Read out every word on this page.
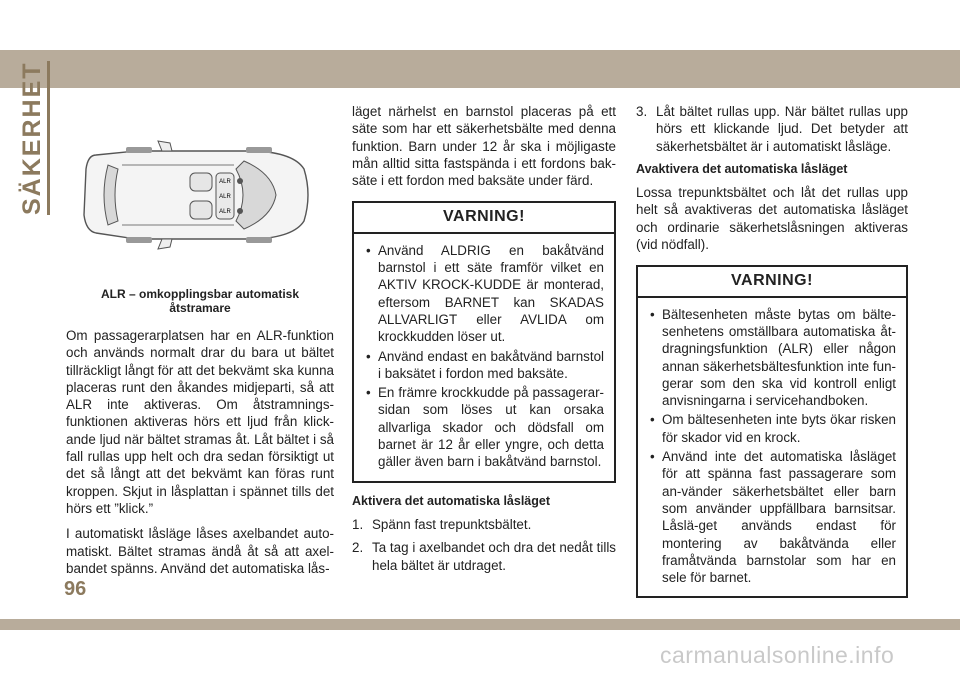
SÄKERHET	ALR
ALR
ALR
ALR – omkopplingsbar automatisk
åtstramare

Om passagerarplatsen har en ALR-funktion och används normalt drar du bara ut bältet tillräckligt långt för att det bekvämt ska kunna placeras runt den åkandes midjeparti, så att ALR inte aktiveras. Om åtstramnings-funktionen aktiveras hörs ett ljud från klick-ande ljud när bältet stramas åt. Låt bältet i så fall rullas upp helt och dra sedan försiktigt ut det så långt att det bekvämt kan föras runt kroppen. Skjut in låsplattan i spännet tills det hörs ett ”klick.”

I automatiskt låsläge låses axelbandet auto-matiskt. Bältet stramas ändå åt så att axel-bandet spänns. Använd det automatiska lås-

läget närhelst en barnstol placeras på ett säte som har ett säkerhetsbälte med denna funktion. Barn under 12 år ska i möjligaste mån alltid sitta fastspända i ett fordons bak-säte i ett fordon med baksäte under färd.

VARNING!
• Använd ALDRIG en bakåtvänd barnstol i ett säte framför vilket en AKTIV KROCK-KUDDE är monterad, eftersom BARNET kan SKADAS ALLVARLIGT eller AVLIDA om krockkudden löser ut.
• Använd endast en bakåtvänd barnstol i baksätet i fordon med baksäte.
• En främre krockkudde på passagerar-sidan som löses ut kan orsaka allvarliga skador och dödsfall om barnet är 12 år eller yngre, och detta gäller även barn i bakåtvänd barnstol.
Aktivera det automatiska låsläget
1. Spänn fast trepunktsbältet.
2. Ta tag i axelbandet och dra det nedåt tills hela bältet är utdraget.
3. Låt bältet rullas upp. När bältet rullas upp hörs ett klickande ljud. Det betyder att säkerhetsbältet är i automatiskt låsläge.
Avaktivera det automatiska låsläget

Lossa trepunktsbältet och låt det rullas upp helt så avaktiveras det automatiska låsläget och ordinarie säkerhetslåsningen aktiveras (vid nödfall).

VARNING!
• Bältesenheten måste bytas om bälte-senhetens omställbara automatiska åt-dragningsfunktion (ALR) eller någon annan säkerhetsbältesfunktion inte fun-gerar som den ska vid kontroll enligt anvisningarna i servicehandboken.
• Om bältesenheten inte byts ökar risken för skador vid en krock.
• Använd inte det automatiska låsläget för att spänna fast passagerare som an-vänder säkerhetsbältet eller barn som använder uppfällbara barnsitsar. Låslä-get används endast för montering av bakåtvända eller framåtvända barnstolar som har en sele för barnet.
96
carmanualsonline.info
